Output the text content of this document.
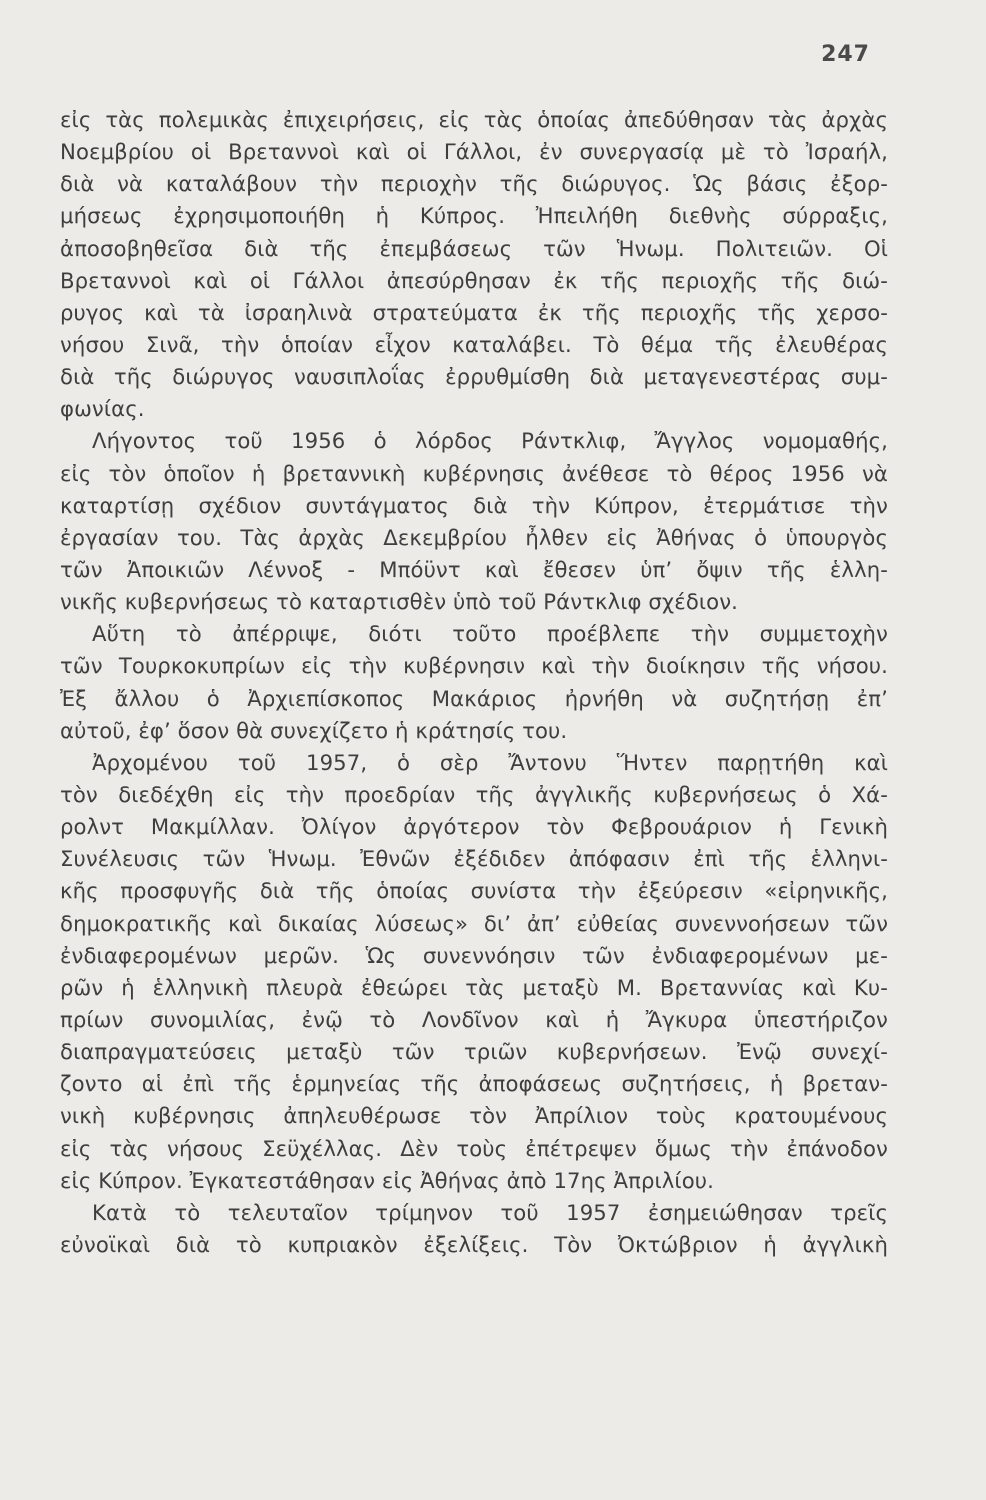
247
εἰς τὰς πολεμικὰς ἐπιχειρήσεις, εἰς τὰς ὁποίας ἀπεδύθησαν τὰς ἀρχὰς
Νοεμβρίου οἱ Βρεταννοὶ καὶ οἱ Γάλλοι, ἐν συνεργασίᾳ μὲ τὸ Ἰσραήλ,
διὰ νὰ καταλάβουν τὴν περιοχὴν τῆς διώρυγος. Ὡς βάσις ἐξορ-
μήσεως ἐχρησιμοποιήθη ἡ Κύπρος. Ἠπειλήθη διεθνὴς σύρραξις,
ἀποσοβηθεῖσα διὰ τῆς ἐπεμβάσεως τῶν Ἡνωμ. Πολιτειῶν. Οἱ
Βρεταννοὶ καὶ οἱ Γάλλοι ἀπεσύρθησαν ἐκ τῆς περιοχῆς τῆς διώ-
ρυγος καὶ τὰ ἰσραηλινὰ στρατεύματα ἐκ τῆς περιοχῆς τῆς χερσο-
νήσου Σινᾶ, τὴν ὁποίαν εἶχον καταλάβει. Τὸ θέμα τῆς ἐλευθέρας
διὰ τῆς διώρυγος ναυσιπλοΐας ἐρρυθμίσθη διὰ μεταγενεστέρας συμ-
φωνίας.
Λήγοντος τοῦ 1956 ὁ λόρδος Ράντκλιφ, Ἄγγλος νομομαθής,
εἰς τὸν ὁποῖον ἡ βρεταννικὴ κυβέρνησις ἀνέθεσε τὸ θέρος 1956 νὰ
καταρτίσῃ σχέδιον συντάγματος διὰ τὴν Κύπρον, ἐτερμάτισε τὴν
ἐργασίαν του. Τὰς ἀρχὰς Δεκεμβρίου ἦλθεν εἰς Ἀθήνας ὁ ὑπουργὸς
τῶν Ἀποικιῶν Λέννοξ - Μπόϋντ καὶ ἔθεσεν ὑπ’ ὄψιν τῆς ἑλλη-
νικῆς κυβερνήσεως τὸ καταρτισθὲν ὑπὸ τοῦ Ράντκλιφ σχέδιον.
Αὕτη τὸ ἀπέρριψε, διότι τοῦτο προέβλεπε τὴν συμμετοχὴν
τῶν Τουρκοκυπρίων εἰς τὴν κυβέρνησιν καὶ τὴν διοίκησιν τῆς νήσου.
Ἐξ ἄλλου ὁ Ἀρχιεπίσκοπος Μακάριος ἠρνήθη νὰ συζητήσῃ ἐπ’
αὐτοῦ, ἐφ’ ὅσον θὰ συνεχίζετο ἡ κράτησίς του.
Ἀρχομένου τοῦ 1957, ὁ σὲρ Ἄντονυ Ἥντεν παρῃτήθη καὶ
τὸν διεδέχθη εἰς τὴν προεδρίαν τῆς ἀγγλικῆς κυβερνήσεως ὁ Χά-
ρολντ Μακμίλλαν. Ὀλίγον ἀργότερον τὸν Φεβρουάριον ἡ Γενικὴ
Συνέλευσις τῶν Ἡνωμ. Ἐθνῶν ἐξέδιδεν ἀπόφασιν ἐπὶ τῆς ἑλληνι-
κῆς προσφυγῆς διὰ τῆς ὁποίας συνίστα τὴν ἐξεύρεσιν «εἰρηνικῆς,
δημοκρατικῆς καὶ δικαίας λύσεως» δι’ ἀπ’ εὐθείας συνεννοήσεων τῶν
ἐνδιαφερομένων μερῶν. Ὡς συνεννόησιν τῶν ἐνδιαφερομένων με-
ρῶν ἡ ἑλληνικὴ πλευρὰ ἐθεώρει τὰς μεταξὺ Μ. Βρεταννίας καὶ Κυ-
πρίων συνομιλίας, ἐνῷ τὸ Λονδῖνον καὶ ἡ Ἄγκυρα ὑπεστήριζον
διαπραγματεύσεις μεταξὺ τῶν τριῶν κυβερνήσεων. Ἐνῷ συνεχί-
ζοντο αἱ ἐπὶ τῆς ἑρμηνείας τῆς ἀποφάσεως συζητήσεις, ἡ βρεταν-
νικὴ κυβέρνησις ἀπηλευθέρωσε τὸν Ἀπρίλιον τοὺς κρατουμένους
εἰς τὰς νήσους Σεϋχέλλας. Δὲν τοὺς ἐπέτρεψεν ὅμως τὴν ἐπάνοδον
εἰς Κύπρον. Ἐγκατεστάθησαν εἰς Ἀθήνας ἀπὸ 17ης Ἀπριλίου.
Κατὰ τὸ τελευταῖον τρίμηνον τοῦ 1957 ἐσημειώθησαν τρεῖς
εὐνοϊκαὶ διὰ τὸ κυπριακὸν ἐξελίξεις. Τὸν Ὀκτώβριον ἡ ἀγγλικὴ
